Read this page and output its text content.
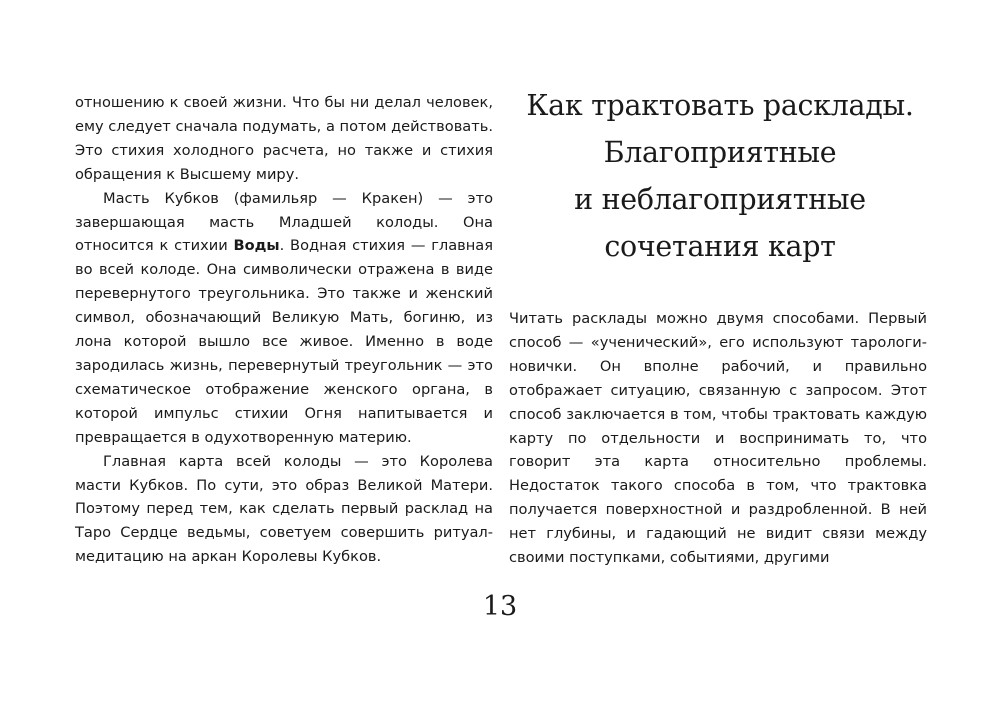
отношению к своей жизни. Что бы ни делал человек, ему следует сначала подумать, а потом действовать. Это стихия холодного расчета, но также и стихия обращения к Высшему миру.

Масть Кубков (фамильяр — Кракен) — это завершающая масть Младшей колоды. Она относится к стихии Воды. Водная стихия — главная во всей колоде. Она символически отражена в виде перевернутого треугольника. Это также и женский символ, обозначающий Великую Мать, богиню, из лона которой вышло все живое. Именно в воде зародилась жизнь, перевернутый треугольник — это схематическое отображение женского органа, в которой импульс стихии Огня напитывается и превращается в одухотворенную материю.

Главная карта всей колоды — это Королева масти Кубков. По сути, это образ Великой Матери. Поэтому перед тем, как сделать первый расклад на Таро Сердце ведьмы, советуем совершить ритуал-медитацию на аркан Королевы Кубков.

Как трактовать расклады.
Благоприятные
и неблагоприятные
сочетания карт

Читать расклады можно двумя способами. Первый способ — «ученический», его используют тарологи-новички. Он вполне рабочий, и правильно отображает ситуацию, связанную с запросом. Этот способ заключается в том, чтобы трактовать каждую карту по отдельности и воспринимать то, что говорит эта карта относительно проблемы. Недостаток такого способа в том, что трактовка получается поверхностной и раздробленной. В ней нет глубины, и гадающий не видит связи между своими поступками, событиями, другими

13
